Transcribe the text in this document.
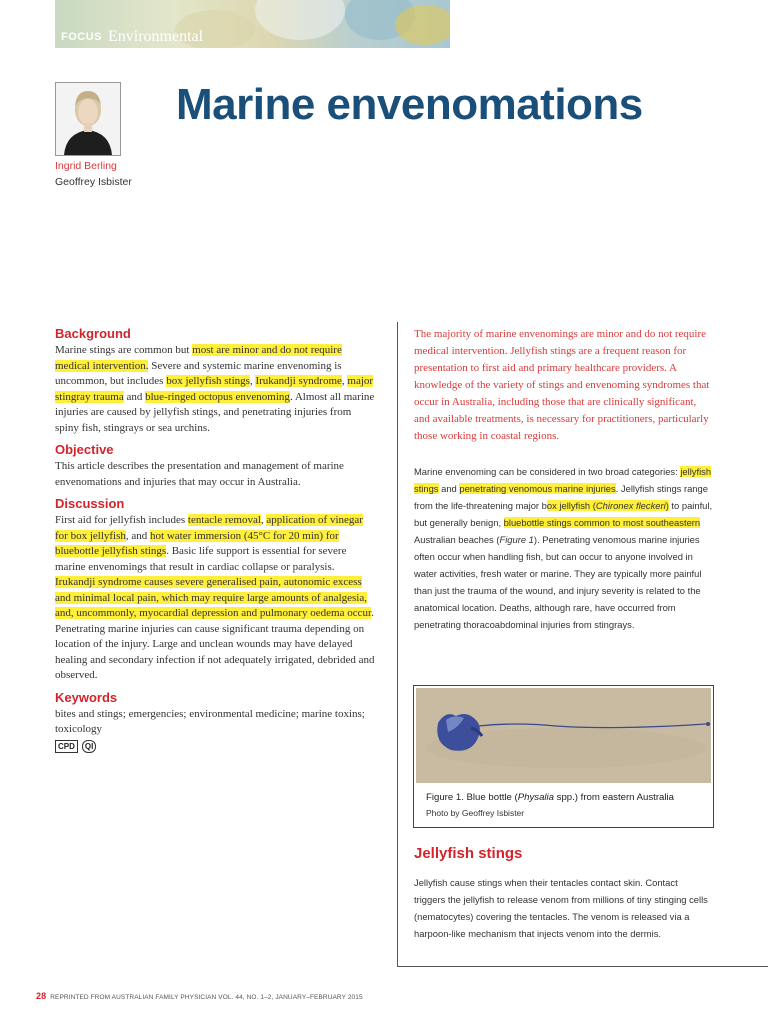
FOCUS Environmental
Marine envenomations
Ingrid Berling
Geoffrey Isbister
Background

Marine stings are common but most are minor and do not require medical intervention. Severe and systemic marine envenoming is uncommon, but includes box jellyfish stings, Irukandji syndrome, major stingray trauma and blue-ringed octopus envenoming. Almost all marine injuries are caused by jellyfish stings, and penetrating injuries from spiny fish, stingrays or sea urchins.

Objective

This article describes the presentation and management of marine envenomations and injuries that may occur in Australia.

Discussion

First aid for jellyfish includes tentacle removal, application of vinegar for box jellyfish, and hot water immersion (45°C for 20 min) for bluebottle jellyfish stings. Basic life support is essential for severe marine envenomings that result in cardiac collapse or paralysis. Irukandji syndrome causes severe generalised pain, autonomic excess and minimal local pain, which may require large amounts of analgesia, and, uncommonly, myocardial depression and pulmonary oedema occur. Penetrating marine injuries can cause significant trauma depending on location of the injury. Large and unclean wounds may have delayed healing and secondary infection if not adequately irrigated, debrided and observed.

Keywords

bites and stings; emergencies; environmental medicine; marine toxins; toxicology

CPD	QI

The majority of marine envenomings are minor and do not require medical intervention. Jellyfish stings are a frequent reason for presentation to first aid and primary healthcare providers. A knowledge of the variety of stings and envenoming syndromes that occur in Australia, including those that are clinically significant, and available treatments, is necessary for practitioners, particularly those working in coastal regions.

Marine envenoming can be considered in two broad categories: jellyfish stings and penetrating venomous marine injuries. Jellyfish stings range from the life-threatening major box jellyfish (Chironex fleckeri) to painful, but generally benign, bluebottle stings common to most southeastern Australian beaches (Figure 1). Penetrating venomous marine injuries often occur when handling fish, but can occur to anyone involved in water activities, fresh water or marine. They are typically more painful than just the trauma of the wound, and injury severity is related to the anatomical location. Deaths, although rare, have occurred from penetrating thoracoabdominal injuries from stingrays.

Figure 1. Blue bottle (Physalia spp.) from eastern Australia
Photo by Geoffrey Isbister
Jellyfish stings

Jellyfish cause stings when their tentacles contact skin. Contact triggers the jellyfish to release venom from millions of tiny stinging cells (nematocytes) covering the tentacles. The venom is released via a harpoon-like mechanism that injects venom into the dermis.

28 REPRINTED FROM AUSTRALIAN FAMILY PHYSICIAN VOL. 44, NO. 1–2, JANUARY–FEBRUARY 2015
